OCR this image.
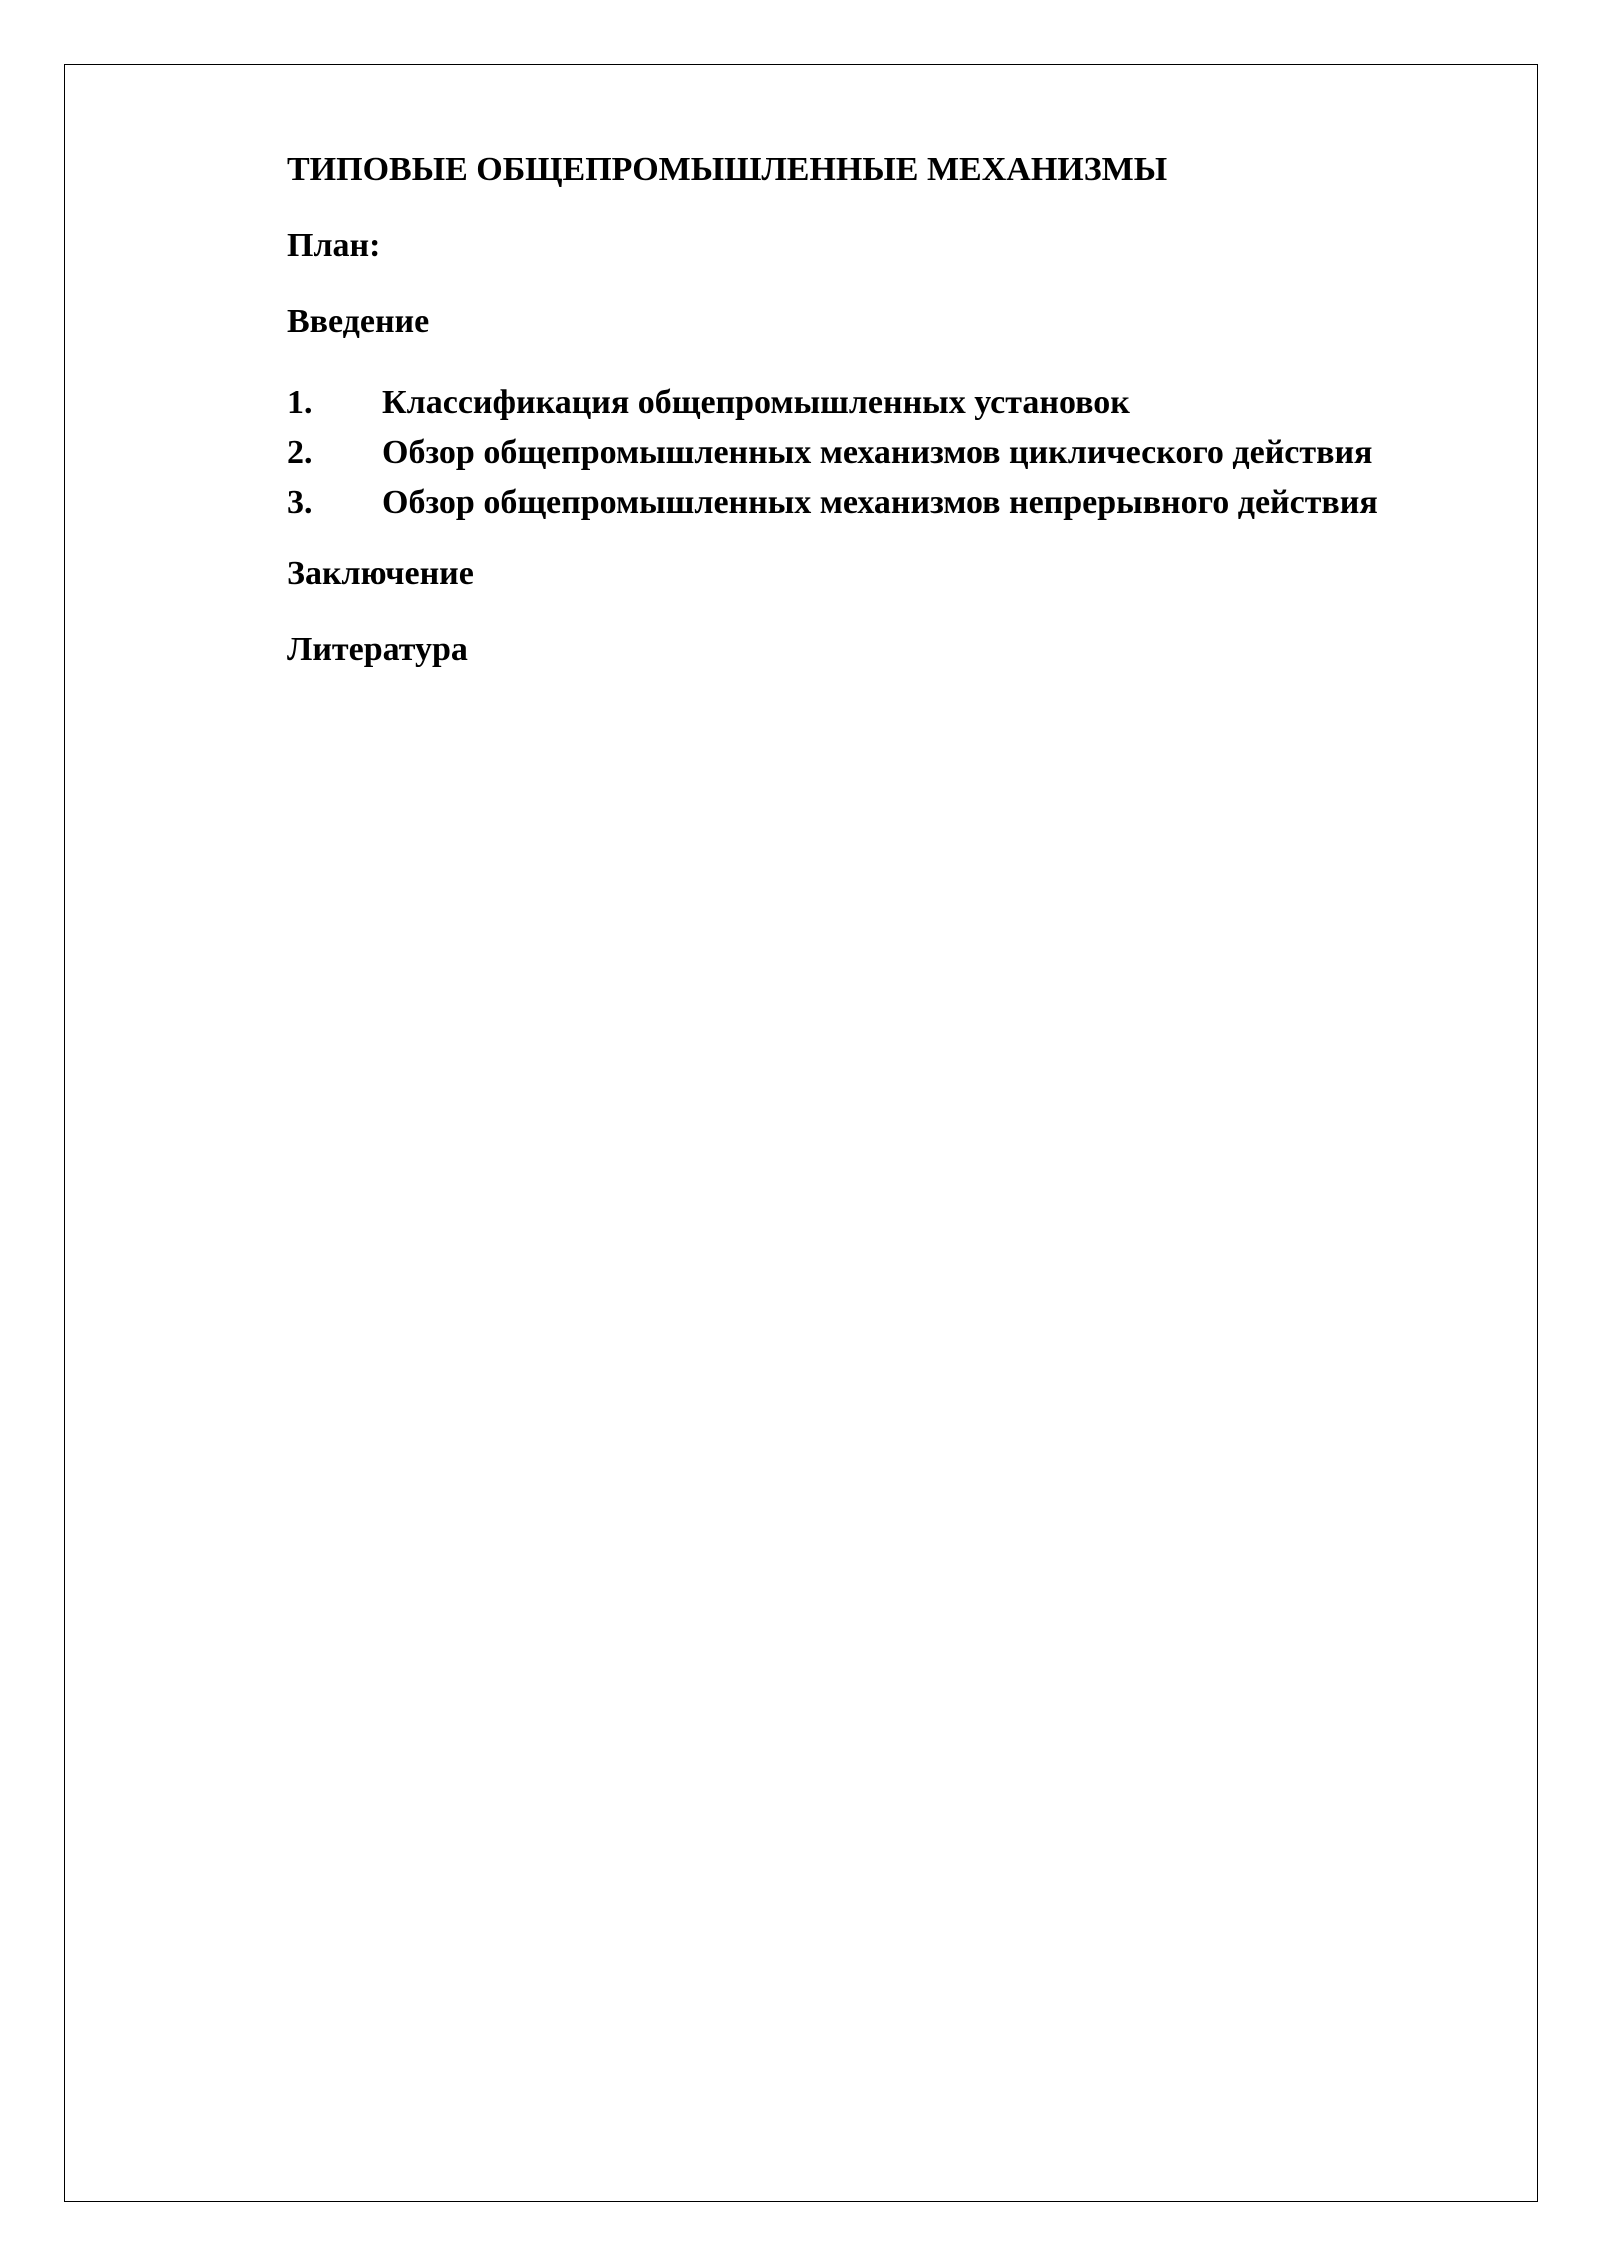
ТИПОВЫЕ ОБЩЕПРОМЫШЛЕННЫЕ МЕХАНИЗМЫ
План:
Введение
1.	Классификация общепромышленных установок
2.	Обзор общепромышленных механизмов циклического действия
3.	Обзор общепромышленных механизмов непрерывного действия
Заключение
Литература
